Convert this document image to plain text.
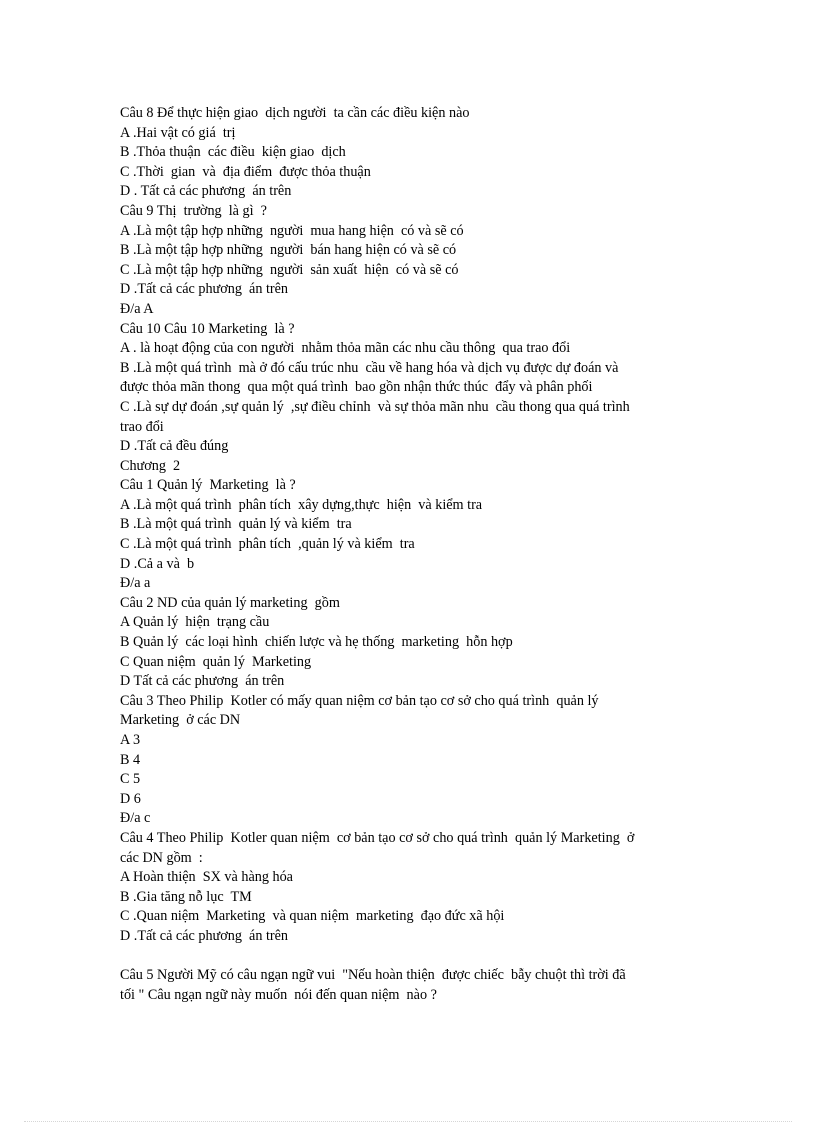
Câu 8 Để thực hiện giao  dịch người  ta cần các điều kiện nào
A .Hai vật có giá  trị
B .Thỏa thuận  các điều  kiện giao  dịch
C .Thời  gian  và  địa điểm  được thỏa thuận
D . Tất cả các phương  án trên
Câu 9 Thị  trường  là gì  ?
A .Là một tập hợp những  người  mua hang hiện  có và sẽ có
B .Là một tập hợp những  người  bán hang hiện có và sẽ có
C .Là một tập hợp những  người  sản xuất  hiện  có và sẽ có
D .Tất cả các phương  án trên
Đ/a A
Câu 10 Câu 10 Marketing  là ?
A . là hoạt động của con người  nhằm thỏa mãn các nhu cầu thông  qua trao đổi
B .Là một quá trình  mà ở đó cấu trúc nhu  cầu về hang hóa và dịch vụ được dự đoán và
được thỏa mãn thong  qua một quá trình  bao gồn nhận thức thúc  đẩy và phân phối
C .Là sự dự đoán ,sự quản lý  ,sự điều chỉnh  và sự thỏa mãn nhu  cầu thong qua quá trình
trao đổi
D .Tất cả đều đúng
Chương  2
Câu 1 Quản lý  Marketing  là ?
A .Là một quá trình  phân tích  xây dựng,thực  hiện  và kiểm tra
B .Là một quá trình  quản lý và kiểm  tra
C .Là một quá trình  phân tích  ,quản lý và kiểm  tra
D .Cả a và  b
Đ/a a
Câu 2 ND của quản lý marketing  gồm
A Quản lý  hiện  trạng cầu
B Quản lý  các loại hình  chiến lược và hẹ thống  marketing  hỗn hợp
C Quan niệm  quản lý  Marketing
D Tất cả các phương  án trên
Câu 3 Theo Philip  Kotler có mấy quan niệm cơ bản tạo cơ sở cho quá trình  quản lý
Marketing  ở các DN
A 3
B 4
C 5
D 6
Đ/a c
Câu 4 Theo Philip  Kotler quan niệm  cơ bản tạo cơ sở cho quá trình  quản lý Marketing  ở
các DN gồm  :
A Hoàn thiện  SX và hàng hóa
B .Gia tăng nỗ lục  TM
C .Quan niệm  Marketing  và quan niệm  marketing  đạo đức xã hội
D .Tất cả các phương  án trên
Câu 5 Người Mỹ có câu ngạn ngữ vui  "Nếu hoàn thiện  được chiếc  bẫy chuột thì trời đã
tối " Câu ngạn ngữ này muốn  nói đến quan niệm  nào ?
